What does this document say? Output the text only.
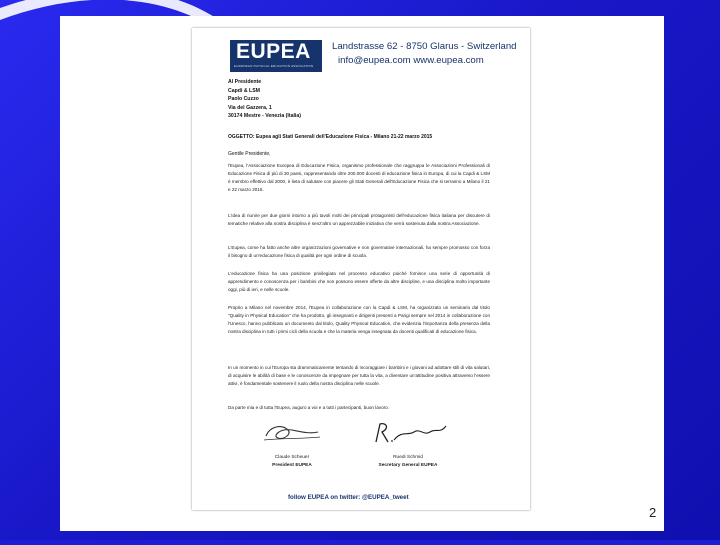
EUPEA
EUROPEAN PHYSICAL EDUCATION ASSOCIATION
Landstrasse 62 - 8750 Glarus - Switzerland
info@eupea.com www.eupea.com
Al Presidente
Capdi & LSM
Paolo Cuzzo
Via del Gazzera, 1
30174 Mestre - Venezia (Italia)
OGGETTO: Eupea agli Stati Generali dell'Educazione Fisica - Milano 21-22 marzo 2015
Gentile Presidente,
l'Eupea, l'Associazione Europea di Educazione Fisica, organismo professionale che raggruppa le Associazioni Professionali di Educazione Fisica di più di 30 paesi, rappresentando oltre 200.000 docenti di educazione fisica in Europa, di cui la Capdi & LSM è membro effettivo dal 2000, è lieta di salutare con piacere gli Stati Generali dell'Educazione Fisica che si terranno a Milano il 21 e 22 marzo 2015.
L'idea di riunire per due giorni intorno a più tavoli molti dei principali protagonisti dell'educazione fisica italiana per discutere di tematiche relative alla nostra disciplina è senz'altro un apprezzabile iniziativa che verrà sostenuta dalla nostra Associazione.
L'Eupea, come ha fatto anche altre organizzazioni governative e non governative internazionali, ha sempre promosso con forza il bisogno di un'educazione fisica di qualità per ogni ordine di scuola.
L'educazione fisica ha una posizione privilegiata nel processo educativo poiché fornisce una serie di opportunità di apprendimento e conoscenza per i bambini che non possono essere offerte da altre discipline, e una disciplina molto importante oggi, più di ieri, e nelle scuole.
Proprio a Milano nel novembre 2014, l'Eupea in collaborazione con la Capdi & LSM, ha organizzato un seminario dal titolo "Quality in Physical Education" che ha prodotto, gli insegnanti e dirigenti presenti a Parigi sempre nel 2014 in collaborazione con l'Unesco, hanno pubblicato un documento dal titolo, Quality Physical Education, che evidenzia l'importanza della presenza della nostra disciplina in tutti i primi cicli della scuola e che la materia venga insegnata da docenti qualificati di educazione fisica.
In un momento in cui l'Europa sta drammaticamente tentando di incoraggiare i bambini e i giovani ad adottare stili di vita salutari, di acquisire le abilità di base e le conoscenze da impegnare per tutta la vita, a diventare un'attitudine positiva attraverso l'essere attivi, è fondamentale sostenere il ruolo della nostra disciplina nelle scuole.
Da parte mia e di tutta l'Eupea, auguro a voi e a tutti i partecipanti, buon lavoro.
Claude Scheuer
President EUPEA
Ruedi Schmid
Secretary General EUPEA
follow EUPEA on twitter: @EUPEA_tweet
2
